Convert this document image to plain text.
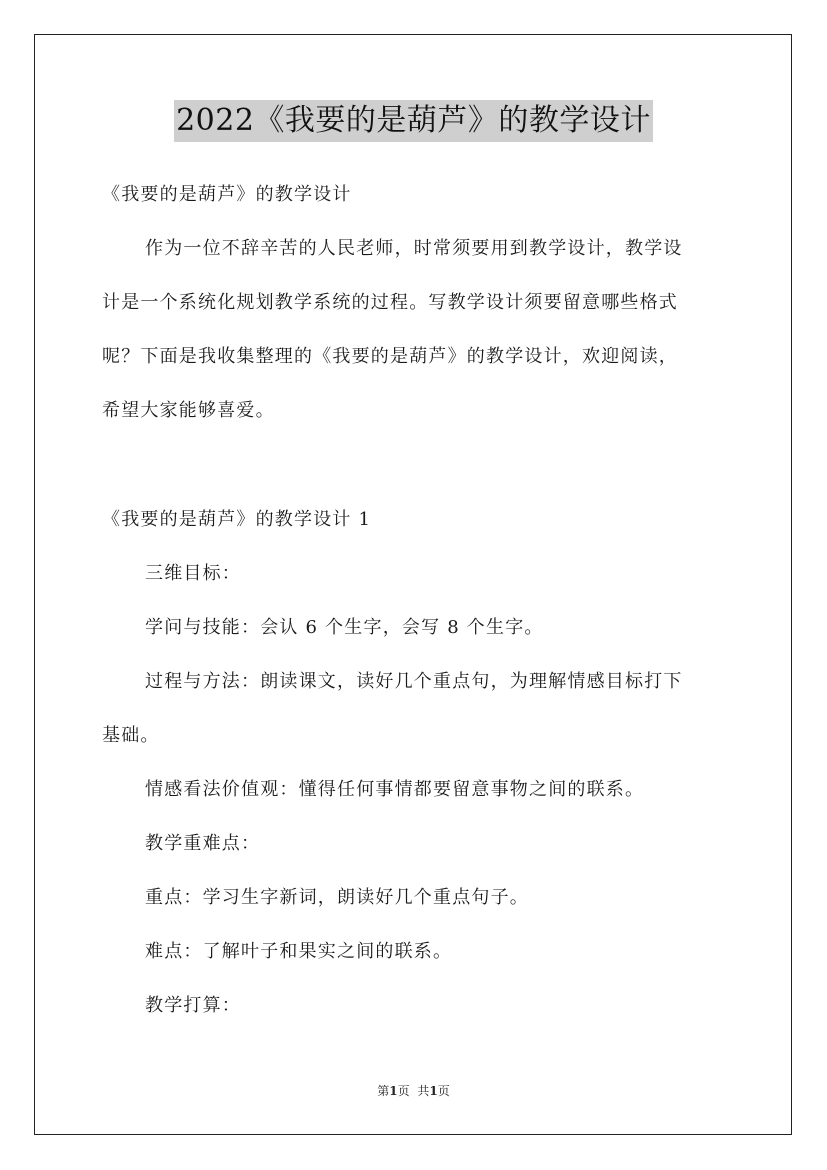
2022《我要的是葫芦》的教学设计
《我要的是葫芦》的教学设计
作为一位不辞辛苦的人民老师，时常须要用到教学设计，教学设
计是一个系统化规划教学系统的过程。写教学设计须要留意哪些格式
呢？下面是我收集整理的《我要的是葫芦》的教学设计，欢迎阅读，
希望大家能够喜爱。
《我要的是葫芦》的教学设计 1
三维目标：
学问与技能：会认 6 个生字，会写 8 个生字。
过程与方法：朗读课文，读好几个重点句，为理解情感目标打下
基础。
情感看法价值观：懂得任何事情都要留意事物之间的联系。
教学重难点：
重点：学习生字新词，朗读好几个重点句子。
难点：了解叶子和果实之间的联系。
教学打算：
第1页 共1页
